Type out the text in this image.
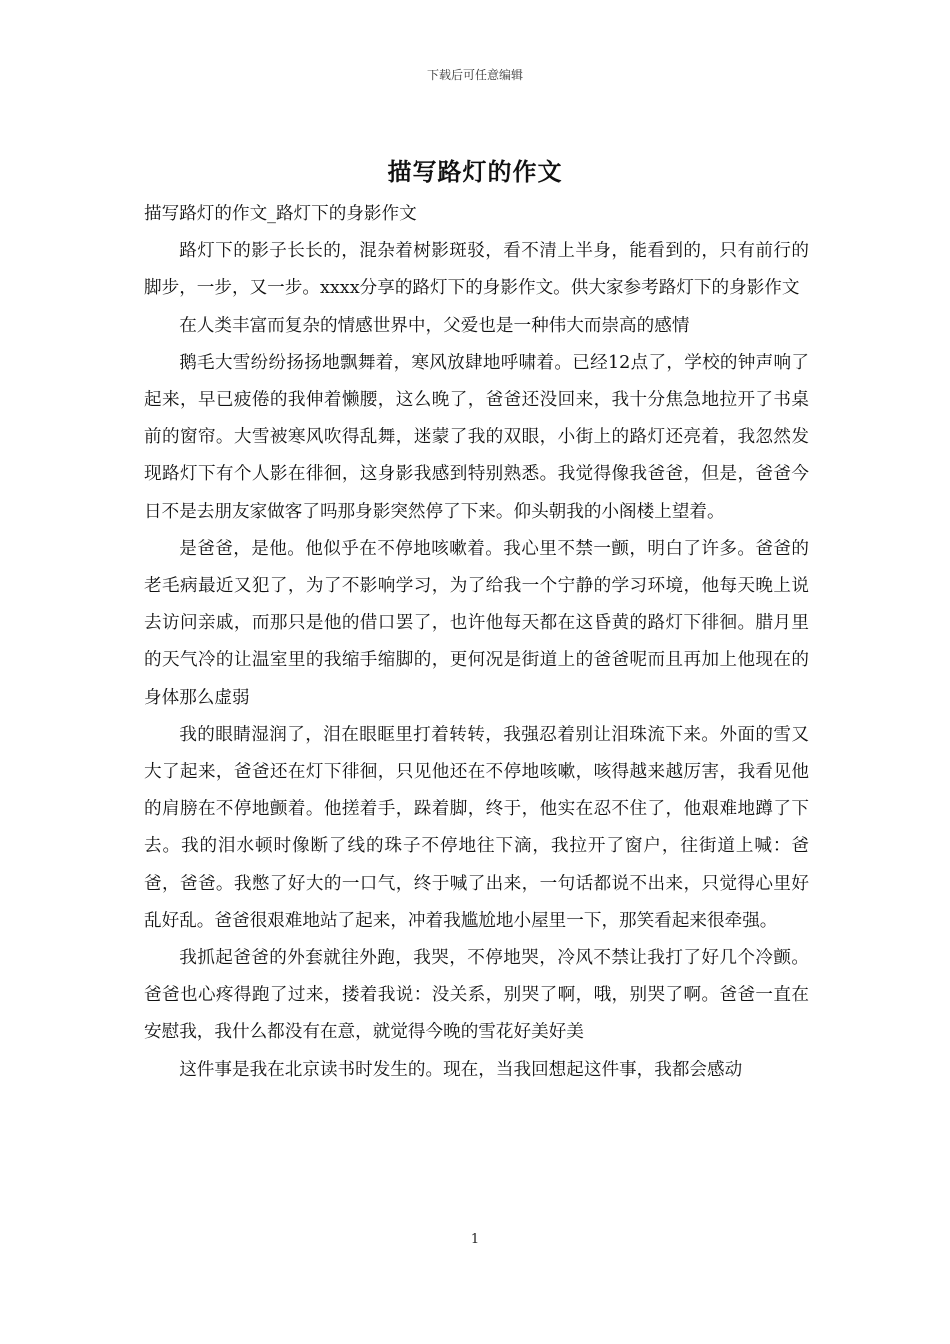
下载后可任意编辑
描写路灯的作文

描写路灯的作文_路灯下的身影作文

路灯下的影子长长的，混杂着树影斑驳，看不清上半身，能看到的，只有前行的脚步，一步，又一步。xxxx分享的路灯下的身影作文。供大家参考路灯下的身影作文

在人类丰富而复杂的情感世界中，父爱也是一种伟大而崇高的感情

鹅毛大雪纷纷扬扬地飘舞着，寒风放肆地呼啸着。已经12点了，学校的钟声响了起来，早已疲倦的我伸着懒腰，这么晚了，爸爸还没回来，我十分焦急地拉开了书桌前的窗帘。大雪被寒风吹得乱舞，迷蒙了我的双眼，小街上的路灯还亮着，我忽然发现路灯下有个人影在徘徊，这身影我感到特别熟悉。我觉得像我爸爸，但是，爸爸今日不是去朋友家做客了吗那身影突然停了下来。仰头朝我的小阁楼上望着。

是爸爸，是他。他似乎在不停地咳嗽着。我心里不禁一颤，明白了许多。爸爸的老毛病最近又犯了，为了不影响学习，为了给我一个宁静的学习环境，他每天晚上说去访问亲戚，而那只是他的借口罢了，也许他每天都在这昏黄的路灯下徘徊。腊月里的天气冷的让温室里的我缩手缩脚的，更何况是街道上的爸爸呢而且再加上他现在的身体那么虚弱

我的眼睛湿润了，泪在眼眶里打着转转，我强忍着别让泪珠流下来。外面的雪又大了起来，爸爸还在灯下徘徊，只见他还在不停地咳嗽，咳得越来越厉害，我看见他的肩膀在不停地颤着。他搓着手，跺着脚，终于，他实在忍不住了，他艰难地蹲了下去。我的泪水顿时像断了线的珠子不停地往下滴，我拉开了窗户，往街道上喊：爸爸，爸爸。我憋了好大的一口气，终于喊了出来，一句话都说不出来，只觉得心里好乱好乱。爸爸很艰难地站了起来，冲着我尴尬地小屋里一下，那笑看起来很牵强。

我抓起爸爸的外套就往外跑，我哭，不停地哭，冷风不禁让我打了好几个冷颤。爸爸也心疼得跑了过来，搂着我说：没关系，别哭了啊，哦，别哭了啊。爸爸一直在安慰我，我什么都没有在意，就觉得今晚的雪花好美好美

这件事是我在北京读书时发生的。现在，当我回想起这件事，我都会感动

1
